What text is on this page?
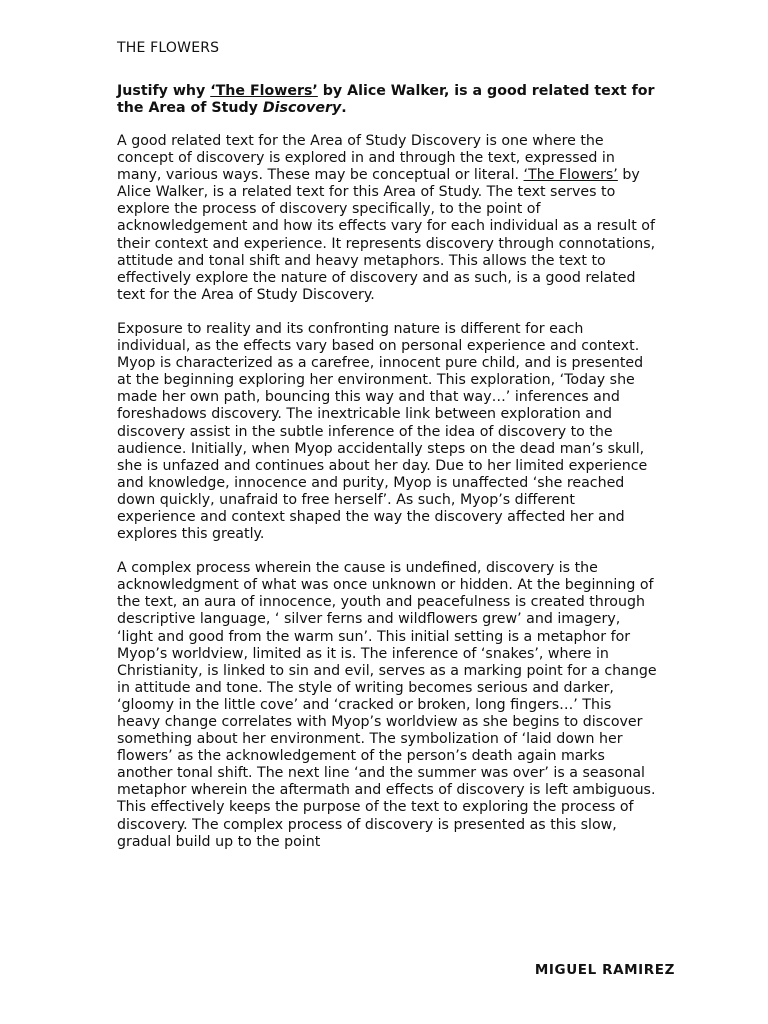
THE FLOWERS
Justify why ‘The Flowers’ by Alice Walker, is a good related text for the Area of Study Discovery.

A good related text for the Area of Study Discovery is one where the concept of discovery is explored in and through the text, expressed in many, various ways. These may be conceptual or literal. ‘The Flowers’ by Alice Walker, is a related text for this Area of Study. The text serves to explore the process of discovery specifically, to the point of acknowledgement and how its effects vary for each individual as a result of their context and experience. It represents discovery through connotations, attitude and tonal shift and heavy metaphors. This allows the text to effectively explore the nature of discovery and as such, is a good related text for the Area of Study Discovery.

Exposure to reality and its confronting nature is different for each individual, as the effects vary based on personal experience and context. Myop is characterized as a carefree, innocent pure child, and is presented at the beginning exploring her environment. This exploration, ‘Today she made her own path, bouncing this way and that way…’ inferences and foreshadows discovery. The inextricable link between exploration and discovery assist in the subtle inference of the idea of discovery to the audience. Initially, when Myop accidentally steps on the dead man’s skull, she is unfazed and continues about her day. Due to her limited experience and knowledge, innocence and purity, Myop is unaffected ‘she reached down quickly, unafraid to free herself’. As such, Myop’s different experience and context shaped the way the discovery affected her and explores this greatly.

A complex process wherein the cause is undefined, discovery is the acknowledgment of what was once unknown or hidden. At the beginning of the text, an aura of innocence, youth and peacefulness is created through descriptive language, ‘ silver ferns and wildflowers grew’ and imagery, ‘light and good from the warm sun’. This initial setting is a metaphor for Myop’s worldview, limited as it is. The inference of ‘snakes’, where in Christianity, is linked to sin and evil, serves as a marking point for a change in attitude and tone. The style of writing becomes serious and darker, ‘gloomy in the little cove’ and ‘cracked or broken, long fingers…’ This heavy change correlates with Myop’s worldview as she begins to discover something about her environment. The symbolization of ‘laid down her flowers’ as the acknowledgement of the person’s death again marks another tonal shift. The next line ‘and the summer was over’ is a seasonal metaphor wherein the aftermath and effects of discovery is left ambiguous. This effectively keeps the purpose of the text to exploring the process of discovery. The complex process of discovery is presented as this slow, gradual build up to the point

MIGUEL RAMIREZ
